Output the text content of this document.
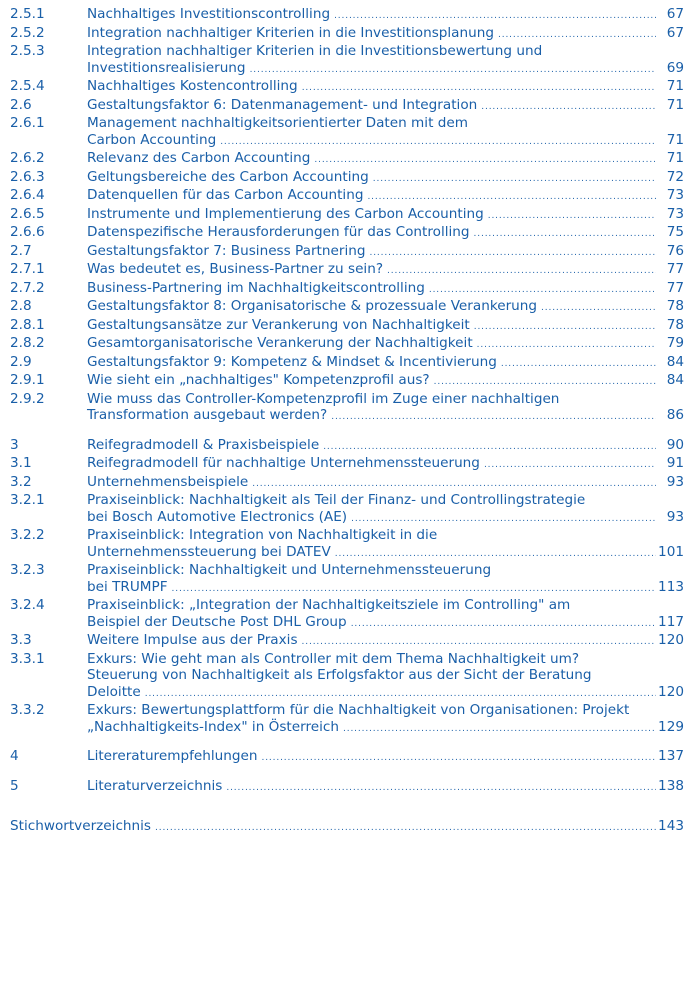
2.5.1	Nachhaltiges Investitionscontrolling . . .	67
2.5.2	Integration nachhaltiger Kriterien in die Investitionsplanung . . .	67
2.5.3	Integration nachhaltiger Kriterien in die Investitionsbewertung und
Investitionsrealisierung . . .	69
2.5.4	Nachhaltiges Kostencontrolling . . .	71
2.6	Gestaltungsfaktor 6: Datenmanagement- und Integration . . .	71
2.6.1	Management nachhaltigkeitsorientierter Daten mit dem
Carbon Accounting . . .	71
2.6.2	Relevanz des Carbon Accounting . . .	71
2.6.3	Geltungsbereiche des Carbon Accounting . . .	72
2.6.4	Datenquellen für das Carbon Accounting . . .	73
2.6.5	Instrumente und Implementierung des Carbon Accounting . . .	73
2.6.6	Datenspezifische Herausforderungen für das Controlling . . .	75
2.7	Gestaltungsfaktor 7: Business Partnering . . .	76
2.7.1	Was bedeutet es, Business-Partner zu sein? . . .	77
2.7.2	Business-Partnering im Nachhaltigkeitscontrolling . . .	77
2.8	Gestaltungsfaktor 8: Organisatorische & prozessuale Verankerung . . .	78
2.8.1	Gestaltungsansätze zur Verankerung von Nachhaltigkeit . . .	78
2.8.2	Gesamtorganisatorische Verankerung der Nachhaltigkeit . . .	79
2.9	Gestaltungsfaktor 9: Kompetenz & Mindset & Incentivierung . . .	84
2.9.1	Wie sieht ein „nachhaltiges" Kompetenzprofil aus? . . .	84
2.9.2	Wie muss das Controller-Kompetenzprofil im Zuge einer nachhaltigen
Transformation ausgebaut werden? . . .	86
3	Reifegradmodell & Praxisbeispiele . . .	90
3.1	Reifegradmodell für nachhaltige Unternehmenssteuerung . . .	91
3.2	Unternehmensbeispiele . . .	93
3.2.1	Praxiseinblick: Nachhaltigkeit als Teil der Finanz- und Controllingstrategie
bei Bosch Automotive Electronics (AE) . . .	93
3.2.2	Praxiseinblick: Integration von Nachhaltigkeit in die
Unternehmenssteuerung bei DATEV . . .	101
3.2.3	Praxiseinblick: Nachhaltigkeit und Unternehmenssteuerung
bei TRUMPF . . .	113
3.2.4	Praxiseinblick: „Integration der Nachhaltigkeitsziele im Controlling" am
Beispiel der Deutsche Post DHL Group . . .	117
3.3	Weitere Impulse aus der Praxis . . .	120
3.3.1	Exkurs: Wie geht man als Controller mit dem Thema Nachhaltigkeit um?
Steuerung von Nachhaltigkeit als Erfolgsfaktor aus der Sicht der Beratung
Deloitte . . .	120
3.3.2	Exkurs: Bewertungsplattform für die Nachhaltigkeit von Organisationen: Projekt
„Nachhaltigkeits-Index" in Österreich . . .	129
4	Litereraturempfehlungen . . .	137
5	Literaturverzeichnis . . .	138
Stichwortverzeichnis . . .	143
